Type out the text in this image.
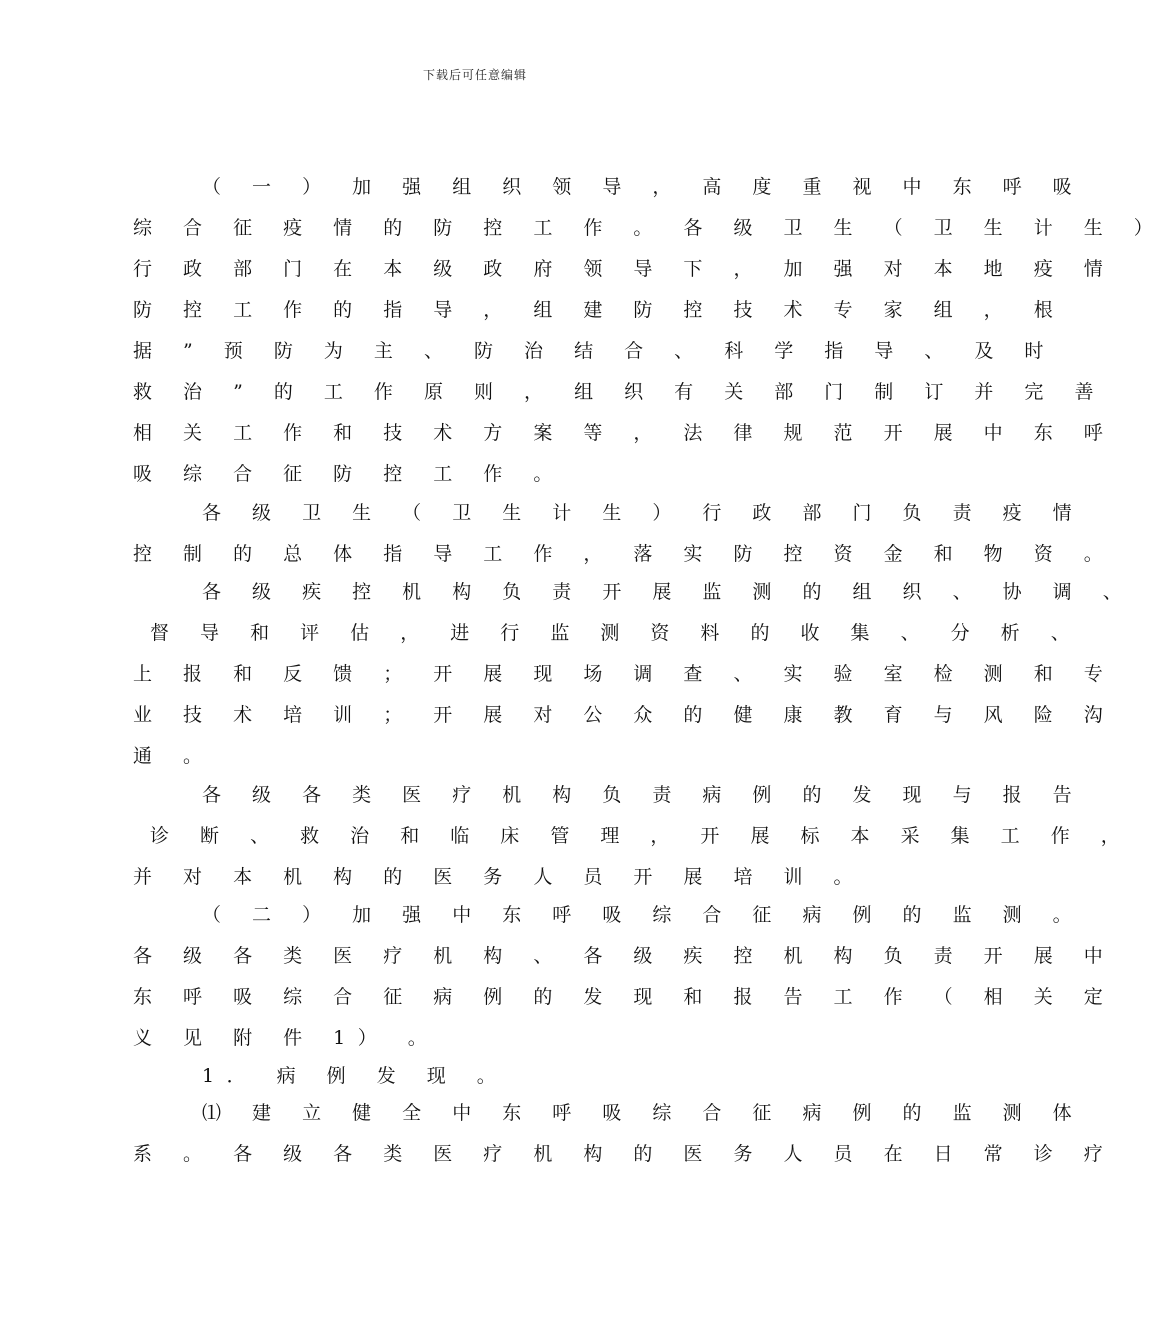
下载后可任意编辑
（ 一 ） 加 强 组 织 领 导 ， 高 度 重 视 中 东 呼 吸
综 合 征 疫 情 的 防 控 工 作 。 各 级 卫 生 （ 卫 生 计 生 ）
行 政 部 门 在 本 级 政 府 领 导 下 ， 加 强 对 本 地 疫 情
防 控 工 作 的 指 导 ， 组 建 防 控 技 术 专 家 组 ， 根
据 ” 预 防 为 主 、 防 治 结 合 、 科 学 指 导 、 及 时
救 治 ” 的 工 作 原 则 ， 组 织 有 关 部 门 制 订 并 完 善
相 关 工 作 和 技 术 方 案 等 ， 法 律 规 范 开 展 中 东 呼
吸 综 合 征 防 控 工 作 。
各 级 卫 生 （ 卫 生 计 生 ） 行 政 部 门 负 责 疫 情
控 制 的 总 体 指 导 工 作 ， 落 实 防 控 资 金 和 物 资 。
各 级 疾 控 机 构 负 责 开 展 监 测 的 组 织 、 协 调 、
督 导 和 评 估 ， 进 行 监 测 资 料 的 收 集 、 分 析 、
上 报 和 反 馈 ； 开 展 现 场 调 查 、 实 验 室 检 测 和 专
业 技 术 培 训 ； 开 展 对 公 众 的 健 康 教 育 与 风 险 沟
通 。
各 级 各 类 医 疗 机 构 负 责 病 例 的 发 现 与 报 告
诊 断 、 救 治 和 临 床 管 理 ， 开 展 标 本 采 集 工 作 ，
并 对 本 机 构 的 医 务 人 员 开 展 培 训 。
（ 二 ） 加 强 中 东 呼 吸 综 合 征 病 例 的 监 测 。
各 级 各 类 医 疗 机 构 、 各 级 疾 控 机 构 负 责 开 展 中
东 呼 吸 综 合 征 病 例 的 发 现 和 报 告 工 作 （ 相 关 定
义 见 附 件 1） 。
1． 病 例 发 现 。
⑴ 建 立 健 全 中 东 呼 吸 综 合 征 病 例 的 监 测 体
系 。 各 级 各 类 医 疗 机 构 的 医 务 人 员 在 日 常 诊 疗
